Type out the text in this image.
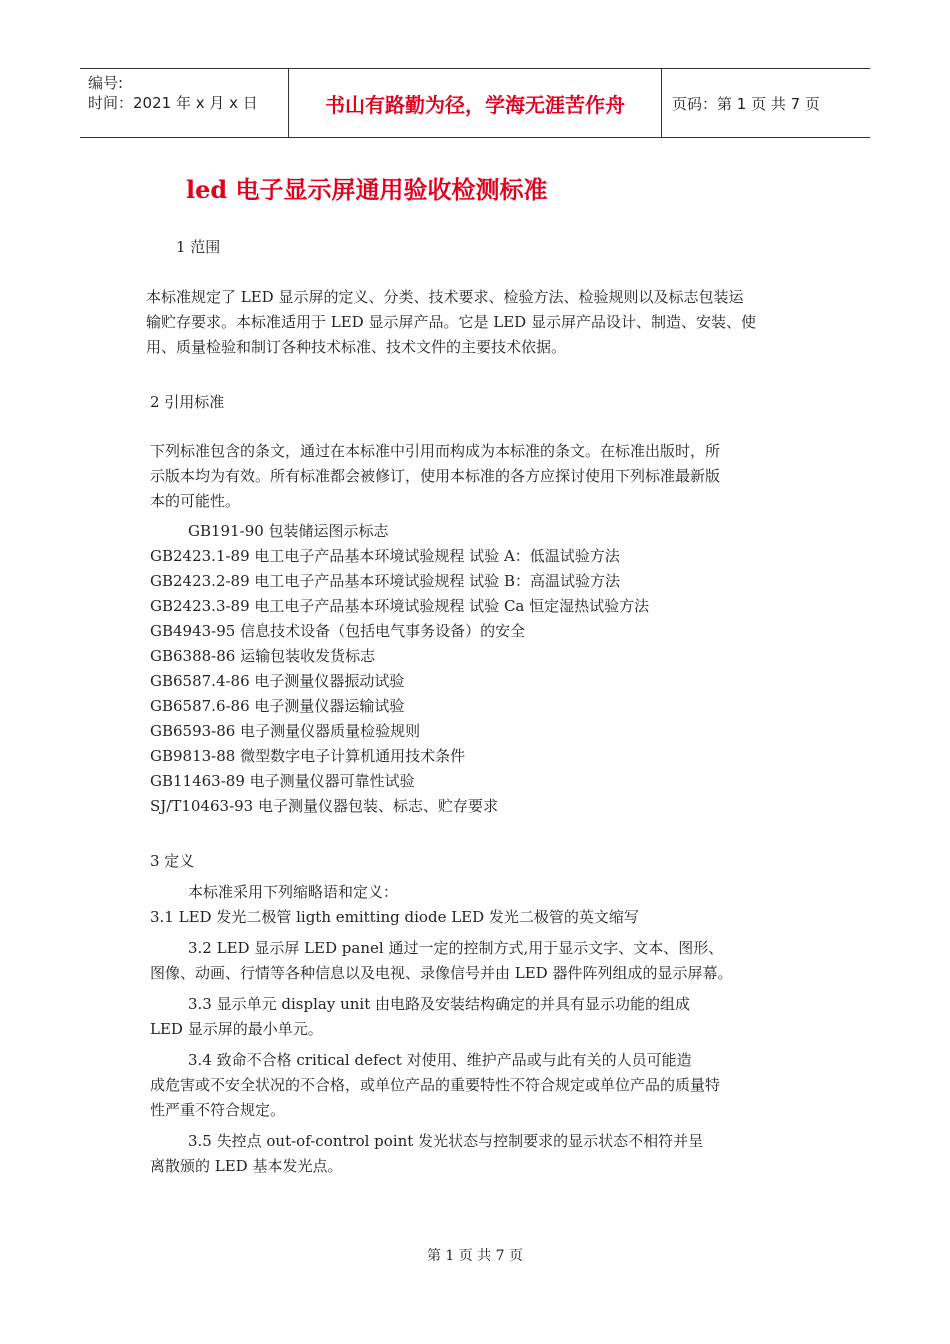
编号:
时间：2021 年 x 月 x 日	书山有路勤为径，学海无涯苦作舟	页码：第 1 页 共 7 页
led 电子显示屏通用验收检测标准
1 范围
本标准规定了 LED 显示屏的定义、分类、技术要求、检验方法、检验规则以及标志包装运
输贮存要求。本标准适用于 LED 显示屏产品。它是 LED 显示屏产品设计、制造、安装、使
用、质量检验和制订各种技术标准、技术文件的主要技术依据。
2 引用标准
下列标准包含的条文，通过在本标准中引用而构成为本标准的条文。在标准出版时，所
示版本均为有效。所有标准都会被修订，使用本标准的各方应探讨使用下列标准最新版
本的可能性。
GB191-90 包装储运图示标志
GB2423.1-89 电工电子产品基本环境试验规程 试验 A：低温试验方法
GB2423.2-89 电工电子产品基本环境试验规程 试验 B：高温试验方法
GB2423.3-89 电工电子产品基本环境试验规程 试验 Ca 恒定湿热试验方法
GB4943-95 信息技术设备（包括电气事务设备）的安全
GB6388-86 运输包装收发货标志
GB6587.4-86 电子测量仪器振动试验
GB6587.6-86 电子测量仪器运输试验
GB6593-86 电子测量仪器质量检验规则
GB9813-88 微型数字电子计算机通用技术条件
GB11463-89 电子测量仪器可靠性试验
SJ/T10463-93 电子测量仪器包装、标志、贮存要求
3 定义
本标准采用下列缩略语和定义：
3.1 LED 发光二极管 ligth emitting diode LED 发光二极管的英文缩写
3.2 LED 显示屏 LED panel 通过一定的控制方式,用于显示文字、文本、图形、
图像、动画、行情等各种信息以及电视、录像信号并由 LED 器件阵列组成的显示屏幕。
3.3 显示单元 display unit 由电路及安装结构确定的并具有显示功能的组成
LED 显示屏的最小单元。
3.4 致命不合格 critical defect 对使用、维护产品或与此有关的人员可能造
成危害或不安全状况的不合格，或单位产品的重要特性不符合规定或单位产品的质量特
性严重不符合规定。
3.5 失控点 out-of-control point 发光状态与控制要求的显示状态不相符并呈
离散颁的 LED 基本发光点。
第 1 页 共 7 页
